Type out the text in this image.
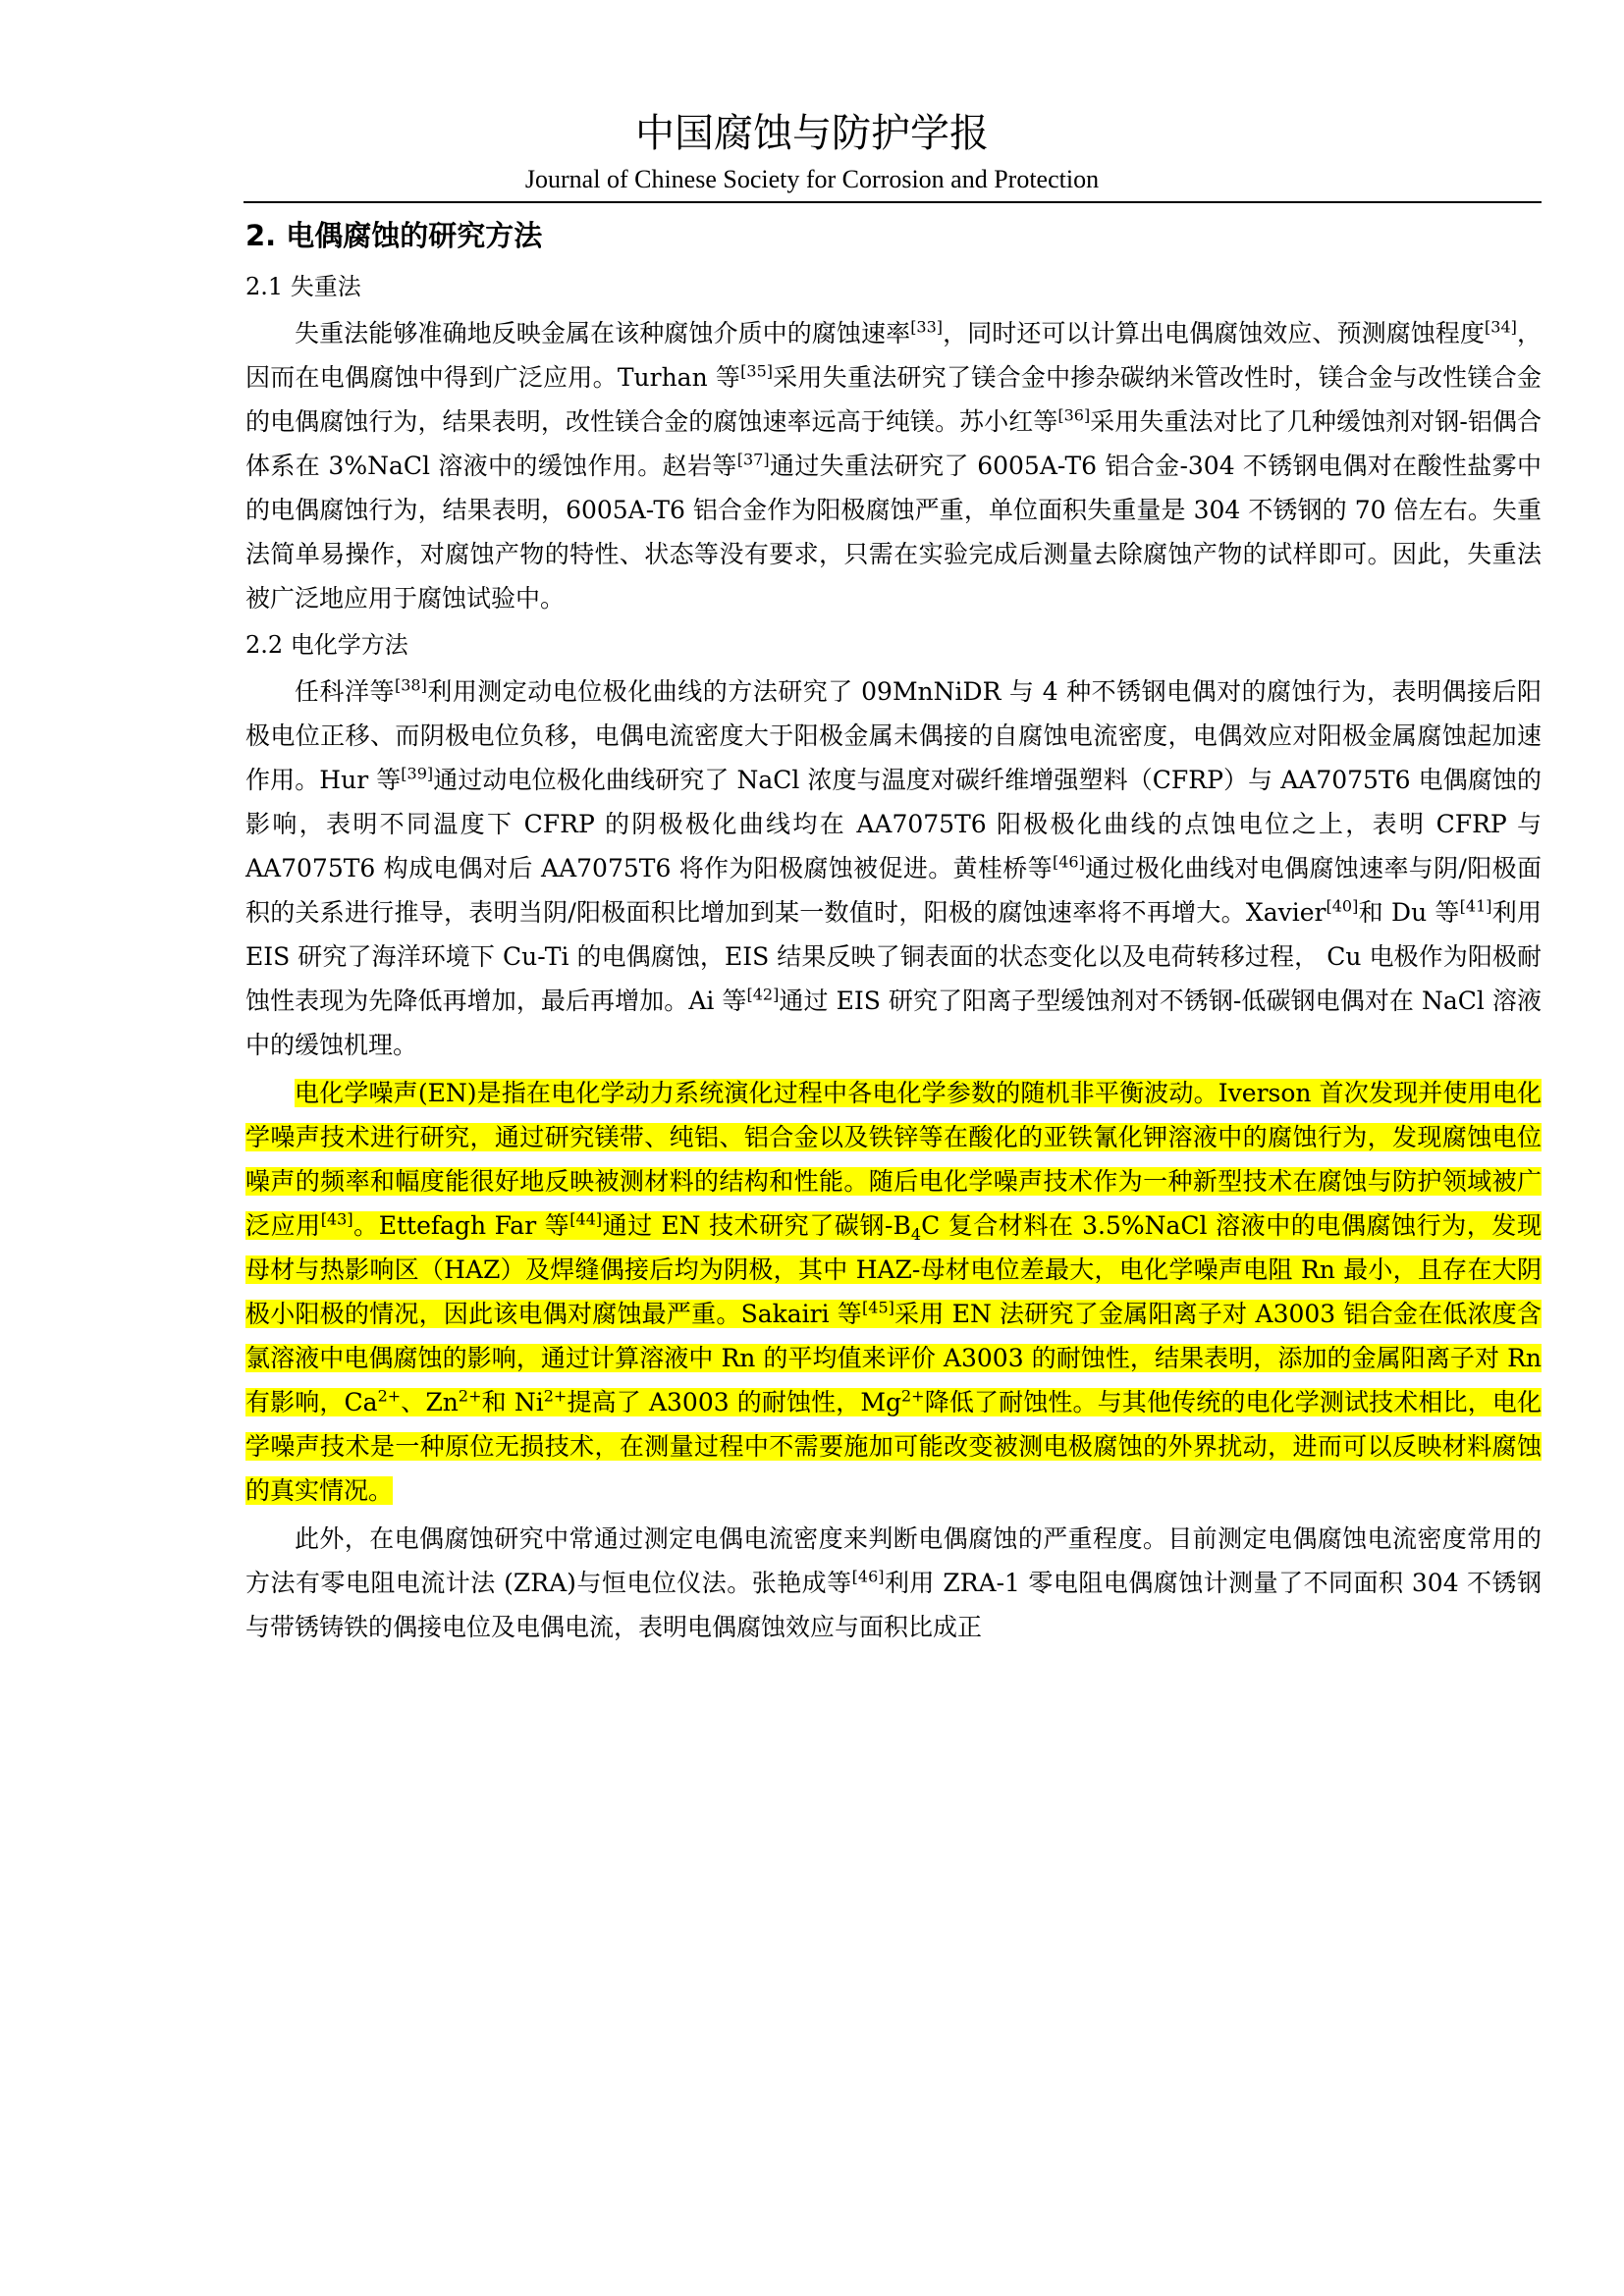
中国腐蚀与防护学报
Journal of Chinese Society for Corrosion and Protection
2. 电偶腐蚀的研究方法

2.1 失重法

失重法能够准确地反映金属在该种腐蚀介质中的腐蚀速率[33]，同时还可以计算出电偶腐蚀效应、预测腐蚀程度[34]，因而在电偶腐蚀中得到广泛应用。Turhan 等[35]采用失重法研究了镁合金中掺杂碳纳米管改性时，镁合金与改性镁合金的电偶腐蚀行为，结果表明，改性镁合金的腐蚀速率远高于纯镁。苏小红等[36]采用失重法对比了几种缓蚀剂对钢-铝偶合体系在 3%NaCl 溶液中的缓蚀作用。赵岩等[37]通过失重法研究了 6005A-T6 铝合金-304 不锈钢电偶对在酸性盐雾中的电偶腐蚀行为，结果表明，6005A-T6 铝合金作为阳极腐蚀严重，单位面积失重量是 304 不锈钢的 70 倍左右。失重法简单易操作，对腐蚀产物的特性、状态等没有要求，只需在实验完成后测量去除腐蚀产物的试样即可。因此，失重法被广泛地应用于腐蚀试验中。

2.2 电化学方法

任科洋等[38]利用测定动电位极化曲线的方法研究了 09MnNiDR 与 4 种不锈钢电偶对的腐蚀行为，表明偶接后阳极电位正移、而阴极电位负移，电偶电流密度大于阳极金属未偶接的自腐蚀电流密度，电偶效应对阳极金属腐蚀起加速作用。Hur 等[39]通过动电位极化曲线研究了 NaCl 浓度与温度对碳纤维增强塑料（CFRP）与 AA7075T6 电偶腐蚀的影响，表明不同温度下 CFRP 的阴极极化曲线均在 AA7075T6 阳极极化曲线的点蚀电位之上，表明 CFRP 与 AA7075T6 构成电偶对后 AA7075T6 将作为阳极腐蚀被促进。黄桂桥等[46]通过极化曲线对电偶腐蚀速率与阴/阳极面积的关系进行推导，表明当阴/阳极面积比增加到某一数值时，阳极的腐蚀速率将不再增大。Xavier[40]和 Du 等[41]利用 EIS 研究了海洋环境下 Cu-Ti 的电偶腐蚀，EIS 结果反映了铜表面的状态变化以及电荷转移过程， Cu 电极作为阳极耐蚀性表现为先降低再增加，最后再增加。Ai 等[42]通过 EIS 研究了阳离子型缓蚀剂对不锈钢-低碳钢电偶对在 NaCl 溶液中的缓蚀机理。

电化学噪声(EN)是指在电化学动力系统演化过程中各电化学参数的随机非平衡波动。Iverson 首次发现并使用电化学噪声技术进行研究，通过研究镁带、纯铝、铝合金以及铁锌等在酸化的亚铁氰化钾溶液中的腐蚀行为，发现腐蚀电位噪声的频率和幅度能很好地反映被测材料的结构和性能。随后电化学噪声技术作为一种新型技术在腐蚀与防护领域被广泛应用[43]。Ettefagh Far 等[44]通过 EN 技术研究了碳钢$-B_4C$ 复合材料在 3.5%NaCl 溶液中的电偶腐蚀行为，发现母材与热影响区（HAZ）及焊缝偶接后均为阴极，其中 HAZ-母材电位差最大，电化学噪声电阻 Rn 最小，且存在大阴极小阳极的情况，因此该电偶对腐蚀最严重。Sakairi 等[45]采用 EN 法研究了金属阳离子对 A3003 铝合金在低浓度含氯溶液中电偶腐蚀的影响，通过计算溶液中 Rn 的平均值来评价 A3003 的耐蚀性，结果表明，添加的金属阳离子对 Rn 有影响，$Ca^{2+}$、$Zn^{2+}$和 $Ni^{2+}$提高了 A3003 的耐蚀性，$Mg^{2+}$降低了耐蚀性。与其他传统的电化学测试技术相比，电化学噪声技术是一种原位无损技术，在测量过程中不需要施加可能改变被测电极腐蚀的外界扰动，进而可以反映材料腐蚀的真实情况。

此外，在电偶腐蚀研究中常通过测定电偶电流密度来判断电偶腐蚀的严重程度。目前测定电偶腐蚀电流密度常用的方法有零电阻电流计法 (ZRA)与恒电位仪法。张艳成等[46]利用 ZRA-1 零电阻电偶腐蚀计测量了不同面积 304 不锈钢与带锈铸铁的偶接电位及电偶电流，表明电偶腐蚀效应与面积比成正
